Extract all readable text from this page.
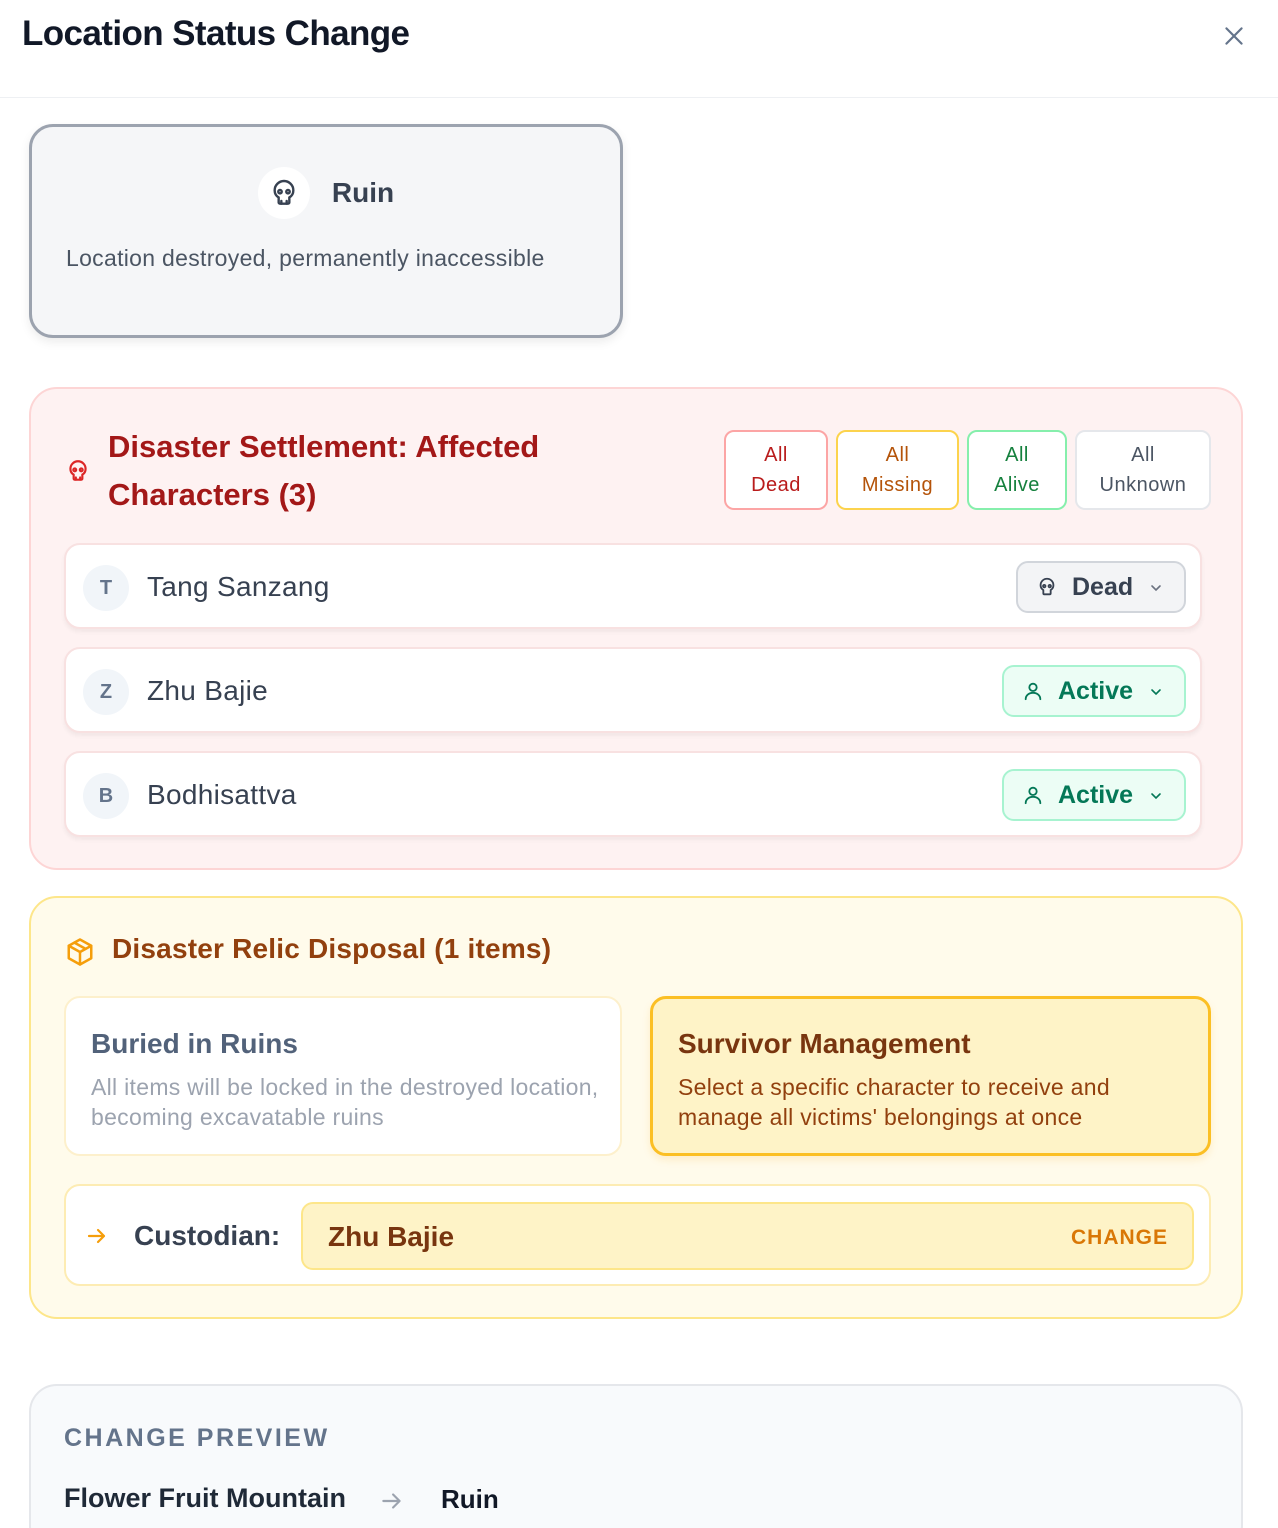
Location Status Change
Ruin
Location destroyed, permanently inaccessible
Disaster Settlement: Affected Characters (3)
All
Dead
All
Missing
All
Alive
All
Unknown
T	Tang Sanzang	Dead
Z	Zhu Bajie	Active
B	Bodhisattva	Active
Disaster Relic Disposal (1 items)
Buried in Ruins
All items will be locked in the destroyed location, becoming excavatable ruins
Survivor Management
Select a specific character to receive and manage all victims' belongings at once
Custodian: Zhu Bajie	CHANGE
CHANGE PREVIEW
Flower Fruit Mountain	Ruin
